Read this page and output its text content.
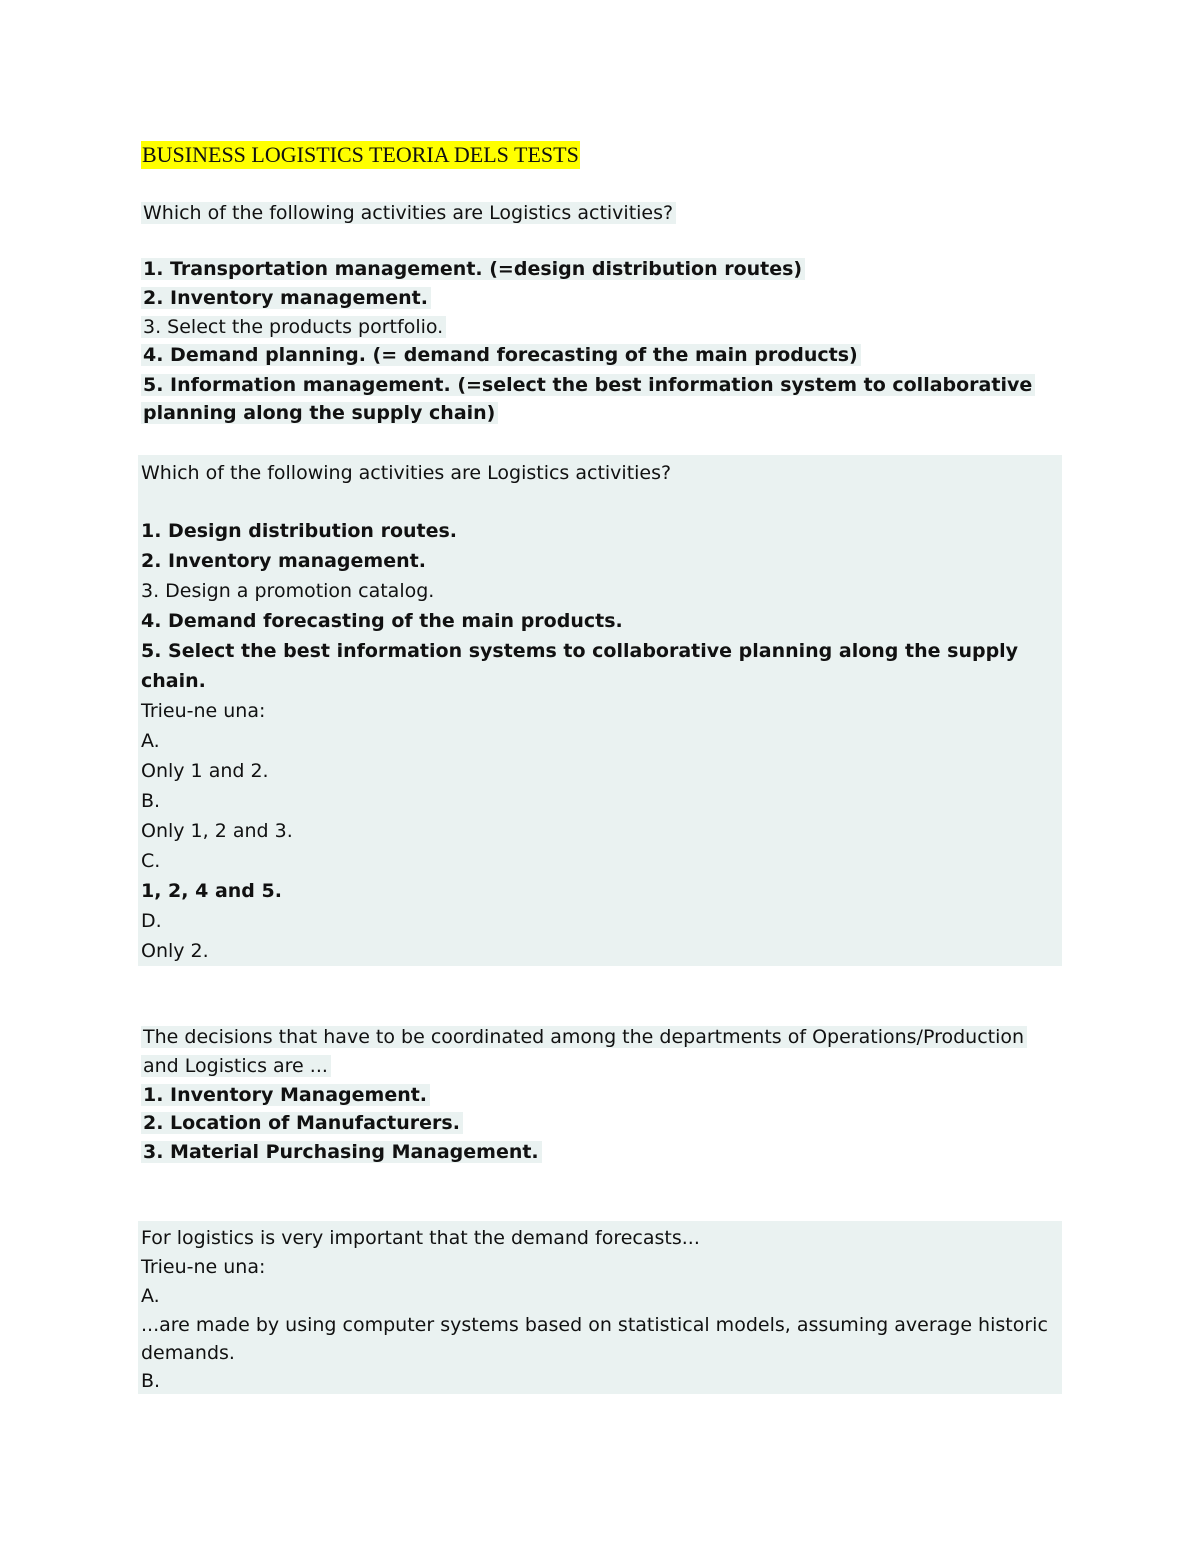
BUSINESS LOGISTICS TEORIA DELS TESTS
Which of the following activities are Logistics activities?
1. Transportation management. (=design distribution routes)
2. Inventory management.
3. Select the products portfolio.
4. Demand planning. (= demand forecasting of the main products)
5. Information management. (=select the best information system to collaborative
planning along the supply chain)
Which of the following activities are Logistics activities?
1. Design distribution routes.
2. Inventory management.
3. Design a promotion catalog.
4. Demand forecasting of the main products.
5. Select the best information systems to collaborative planning along the supply
chain.
Trieu-ne una:
A.
Only 1 and 2.
B.
Only 1, 2 and 3.
C.
1, 2, 4 and 5.
D.
Only 2.
The decisions that have to be coordinated among the departments of Operations/Production
and Logistics are ...
1. Inventory Management.
2. Location of Manufacturers.
3. Material Purchasing Management.
For logistics is very important that the demand forecasts...
Trieu-ne una:
A.
...are made by using computer systems based on statistical models, assuming average historic
demands.
B.
